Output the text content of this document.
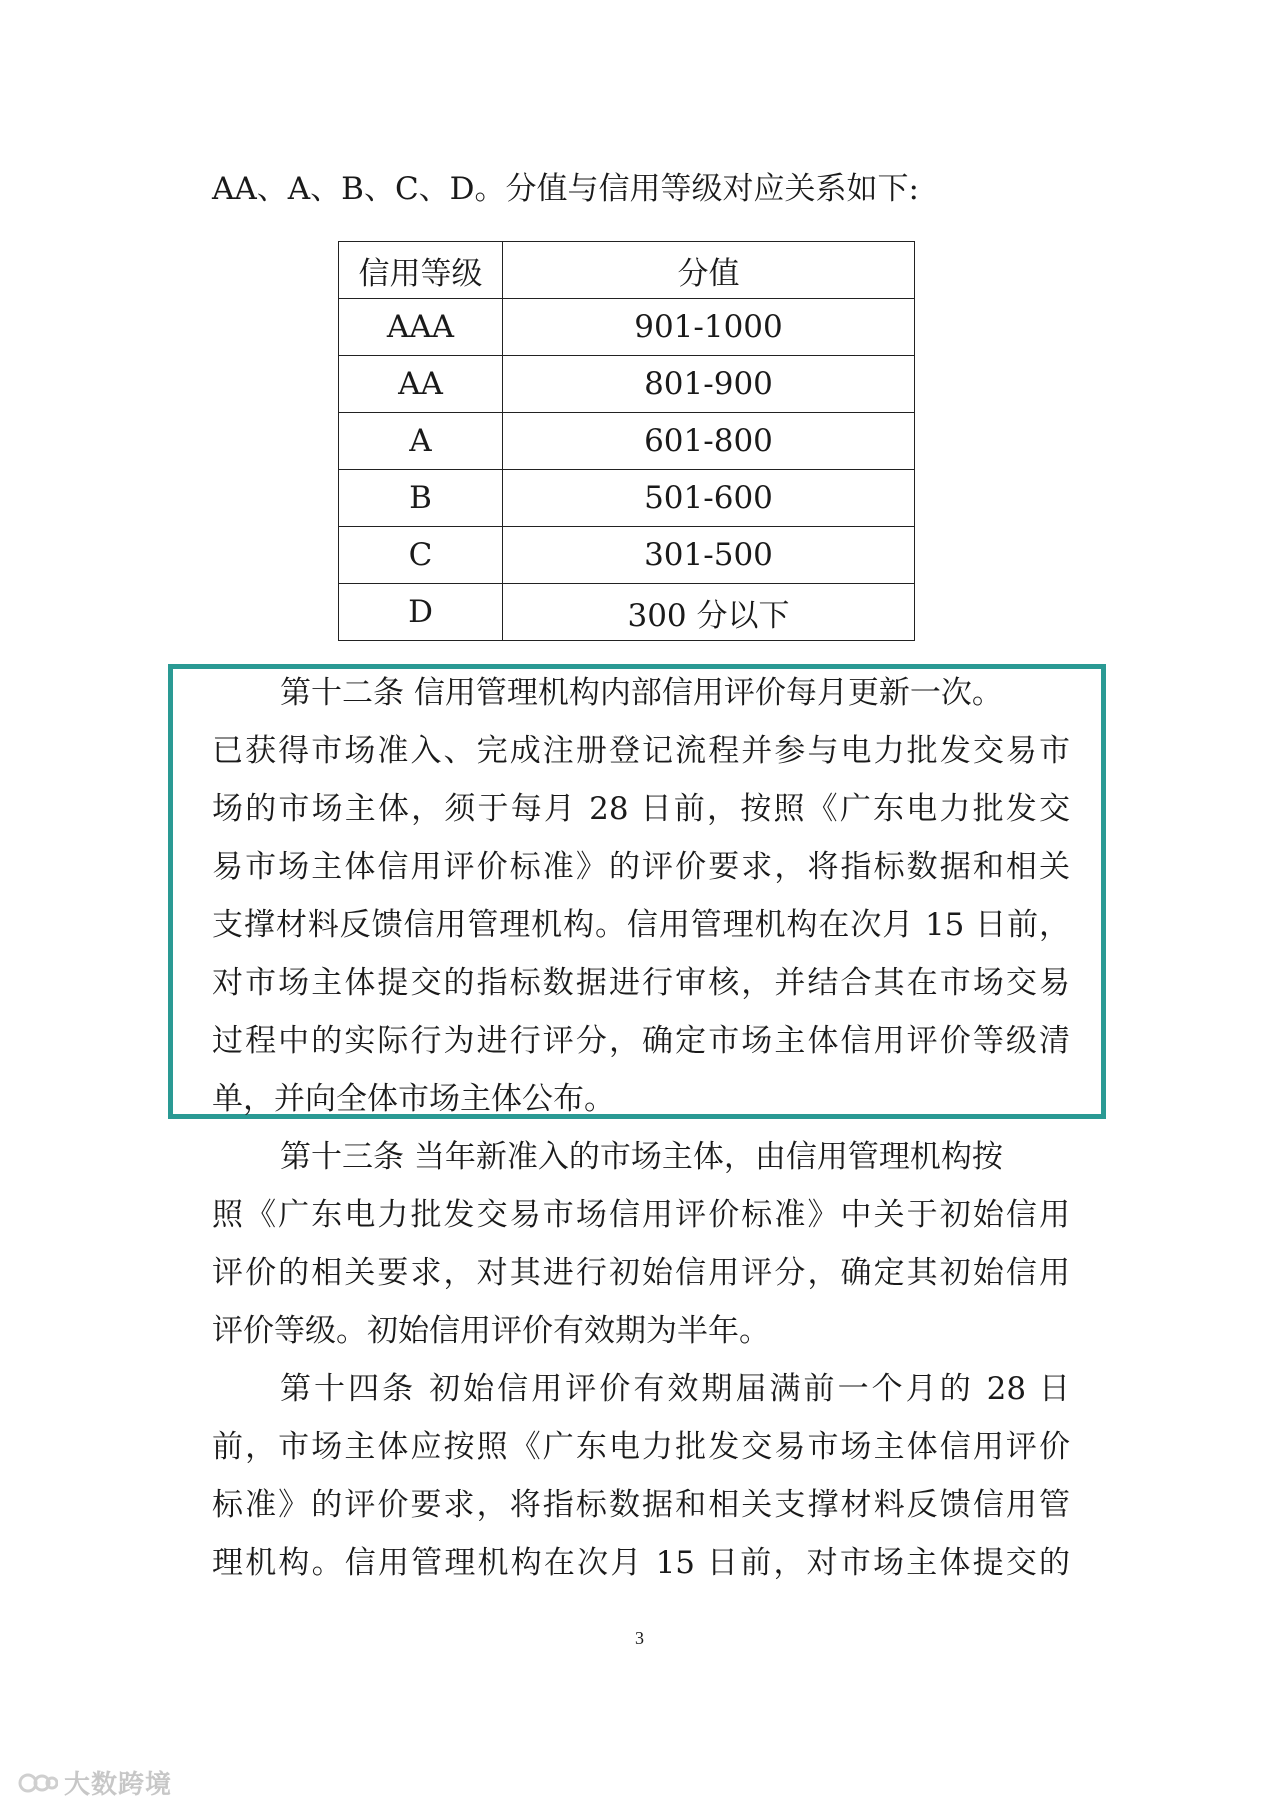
AA、A、B、C、D。分值与信用等级对应关系如下:
信用等级	分值
AAA	901-1000
AA	801-900
A	601-800
B	501-600
C	301-500
D	300 分以下
第十二条 信用管理机构内部信用评价每月更新一次。
已获得市场准入、完成注册登记流程并参与电力批发交易市
场的市场主体，须于每月 28 日前，按照《广东电力批发交
易市场主体信用评价标准》的评价要求，将指标数据和相关
支撑材料反馈信用管理机构。信用管理机构在次月 15 日前，
对市场主体提交的指标数据进行审核，并结合其在市场交易
过程中的实际行为进行评分，确定市场主体信用评价等级清
单，并向全体市场主体公布。
第十三条 当年新准入的市场主体，由信用管理机构按
照《广东电力批发交易市场信用评价标准》中关于初始信用
评价的相关要求，对其进行初始信用评分，确定其初始信用
评价等级。初始信用评价有效期为半年。
第十四条 初始信用评价有效期届满前一个月的 28 日
前，市场主体应按照《广东电力批发交易市场主体信用评价
标准》的评价要求，将指标数据和相关支撑材料反馈信用管
理机构。信用管理机构在次月 15 日前，对市场主体提交的
3
大数跨境
